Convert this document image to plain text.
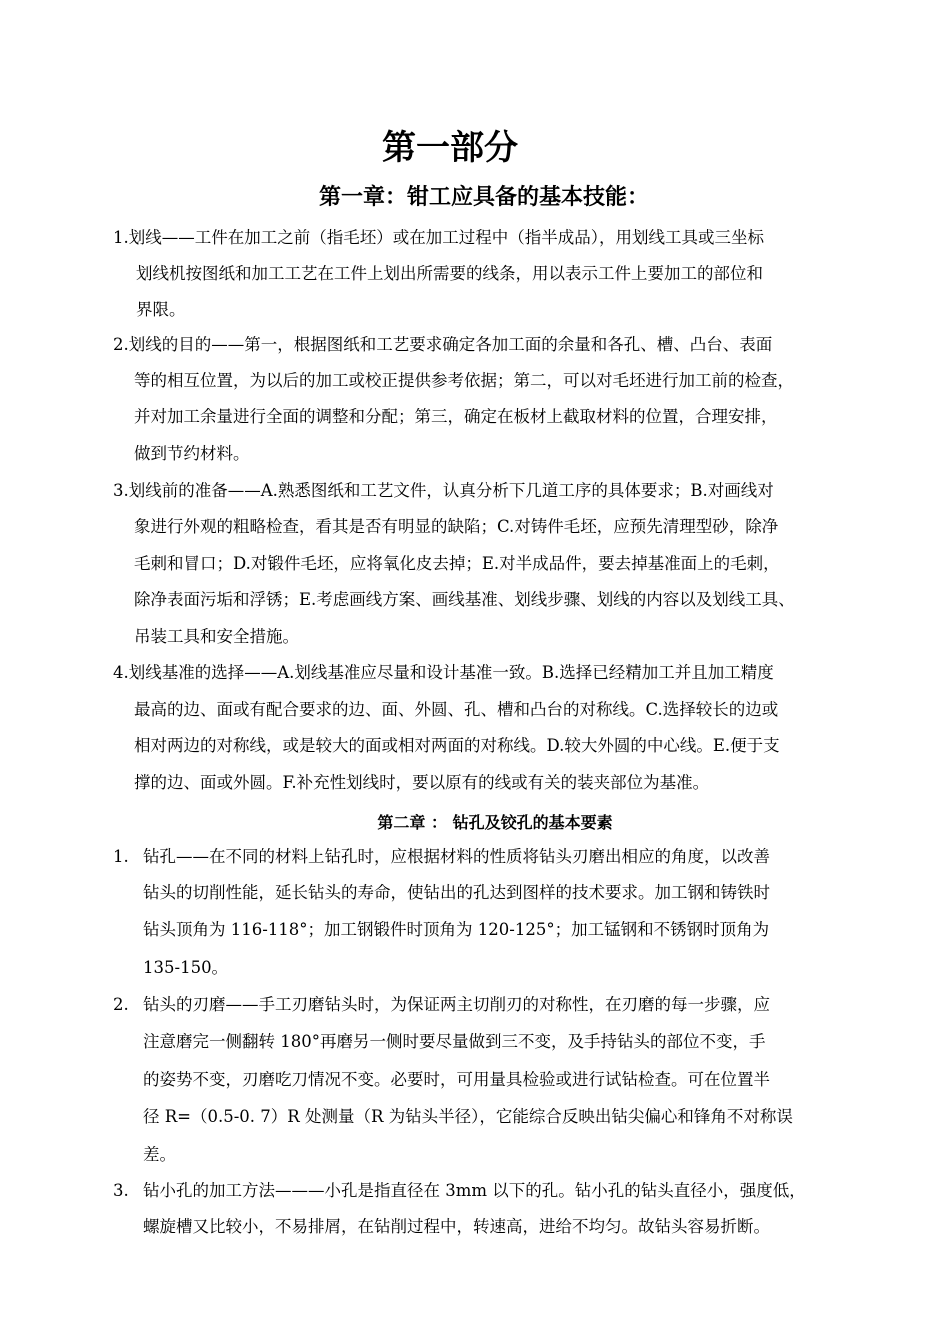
第一部分
第一章：钳工应具备的基本技能：
1.划线——工件在加工之前（指毛坯）或在加工过程中（指半成品），用划线工具或三坐标
划线机按图纸和加工工艺在工件上划出所需要的线条，用以表示工件上要加工的部位和
界限。
2.划线的目的——第一，根据图纸和工艺要求确定各加工面的余量和各孔、槽、凸台、表面
等的相互位置，为以后的加工或校正提供参考依据；第二，可以对毛坯进行加工前的检查，
并对加工余量进行全面的调整和分配；第三，确定在板材上截取材料的位置，合理安排，
做到节约材料。
3.划线前的准备——A.熟悉图纸和工艺文件，认真分析下几道工序的具体要求；B.对画线对
象进行外观的粗略检查，看其是否有明显的缺陷；C.对铸件毛坯，应预先清理型砂，除净
毛刺和冒口；D.对锻件毛坯，应将氧化皮去掉；E.对半成品件，要去掉基准面上的毛刺，
除净表面污垢和浮锈；E.考虑画线方案、画线基准、划线步骤、划线的内容以及划线工具、
吊装工具和安全措施。
4.划线基准的选择——A.划线基准应尽量和设计基准一致。B.选择已经精加工并且加工精度
最高的边、面或有配合要求的边、面、外圆、孔、槽和凸台的对称线。C.选择较长的边或
相对两边的对称线，或是较大的面或相对两面的对称线。D.较大外圆的中心线。E.便于支
撑的边、面或外圆。F.补充性划线时，要以原有的线或有关的装夹部位为基准。
第二章 ： 钻孔及铰孔的基本要素
1. 钻孔——在不同的材料上钻孔时，应根据材料的性质将钻头刃磨出相应的角度，以改善
钻头的切削性能，延长钻头的寿命，使钻出的孔达到图样的技术要求。加工钢和铸铁时
钻头顶角为 116-118°；加工钢锻件时顶角为 120-125°；加工锰钢和不锈钢时顶角为
135-150。
2. 钻头的刃磨——手工刃磨钻头时，为保证两主切削刃的对称性，在刃磨的每一步骤，应
注意磨完一侧翻转 180°再磨另一侧时要尽量做到三不变，及手持钻头的部位不变，手
的姿势不变，刃磨吃刀情况不变。必要时，可用量具检验或进行试钻检查。可在位置半
径 R=（0.5-0. 7）R 处测量（R 为钻头半径），它能综合反映出钻尖偏心和锋角不对称误
差。
3. 钻小孔的加工方法———小孔是指直径在 3mm 以下的孔。钻小孔的钻头直径小，强度低，
螺旋槽又比较小，不易排屑，在钻削过程中，转速高，进给不均匀。故钻头容易折断。
